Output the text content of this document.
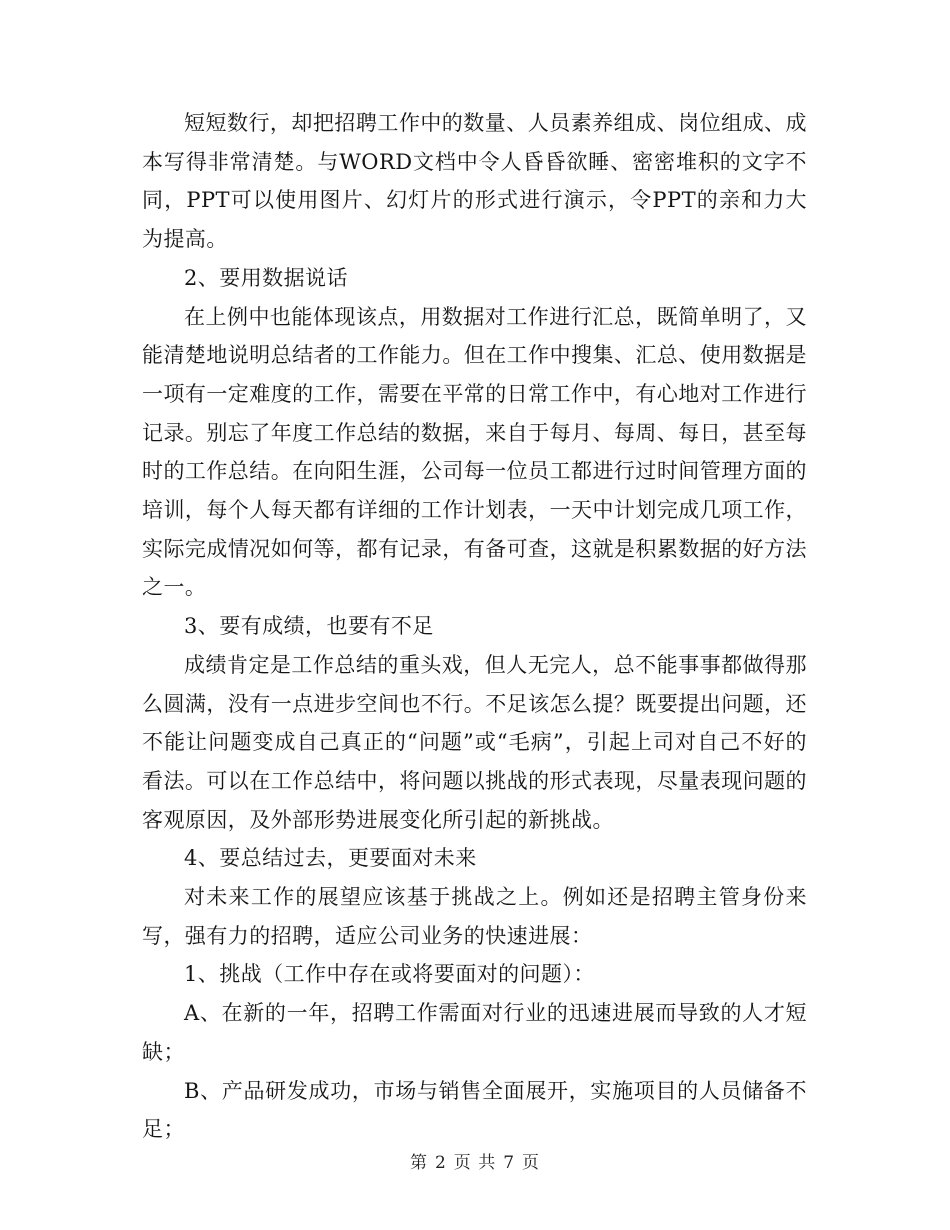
短短数行，却把招聘工作中的数量、人员素养组成、岗位组成、成本写得非常清楚。与WORD文档中令人昏昏欲睡、密密堆积的文字不同，PPT可以使用图片、幻灯片的形式进行演示，令PPT的亲和力大为提高。

2、要用数据说话

在上例中也能体现该点，用数据对工作进行汇总，既简单明了，又能清楚地说明总结者的工作能力。但在工作中搜集、汇总、使用数据是一项有一定难度的工作，需要在平常的日常工作中，有心地对工作进行记录。别忘了年度工作总结的数据，来自于每月、每周、每日，甚至每时的工作总结。在向阳生涯，公司每一位员工都进行过时间管理方面的培训，每个人每天都有详细的工作计划表，一天中计划完成几项工作，实际完成情况如何等，都有记录，有备可查，这就是积累数据的好方法之一。

3、要有成绩，也要有不足

成绩肯定是工作总结的重头戏，但人无完人，总不能事事都做得那么圆满，没有一点进步空间也不行。不足该怎么提？既要提出问题，还不能让问题变成自己真正的“问题”或“毛病”，引起上司对自己不好的看法。可以在工作总结中，将问题以挑战的形式表现，尽量表现问题的客观原因，及外部形势进展变化所引起的新挑战。

4、要总结过去，更要面对未来

对未来工作的展望应该基于挑战之上。例如还是招聘主管身份来写，强有力的招聘，适应公司业务的快速进展：

1、挑战（工作中存在或将要面对的问题）：

A、在新的一年，招聘工作需面对行业的迅速进展而导致的人才短缺；

B、产品研发成功，市场与销售全面展开，实施项目的人员储备不足；

第 2 页 共 7 页
